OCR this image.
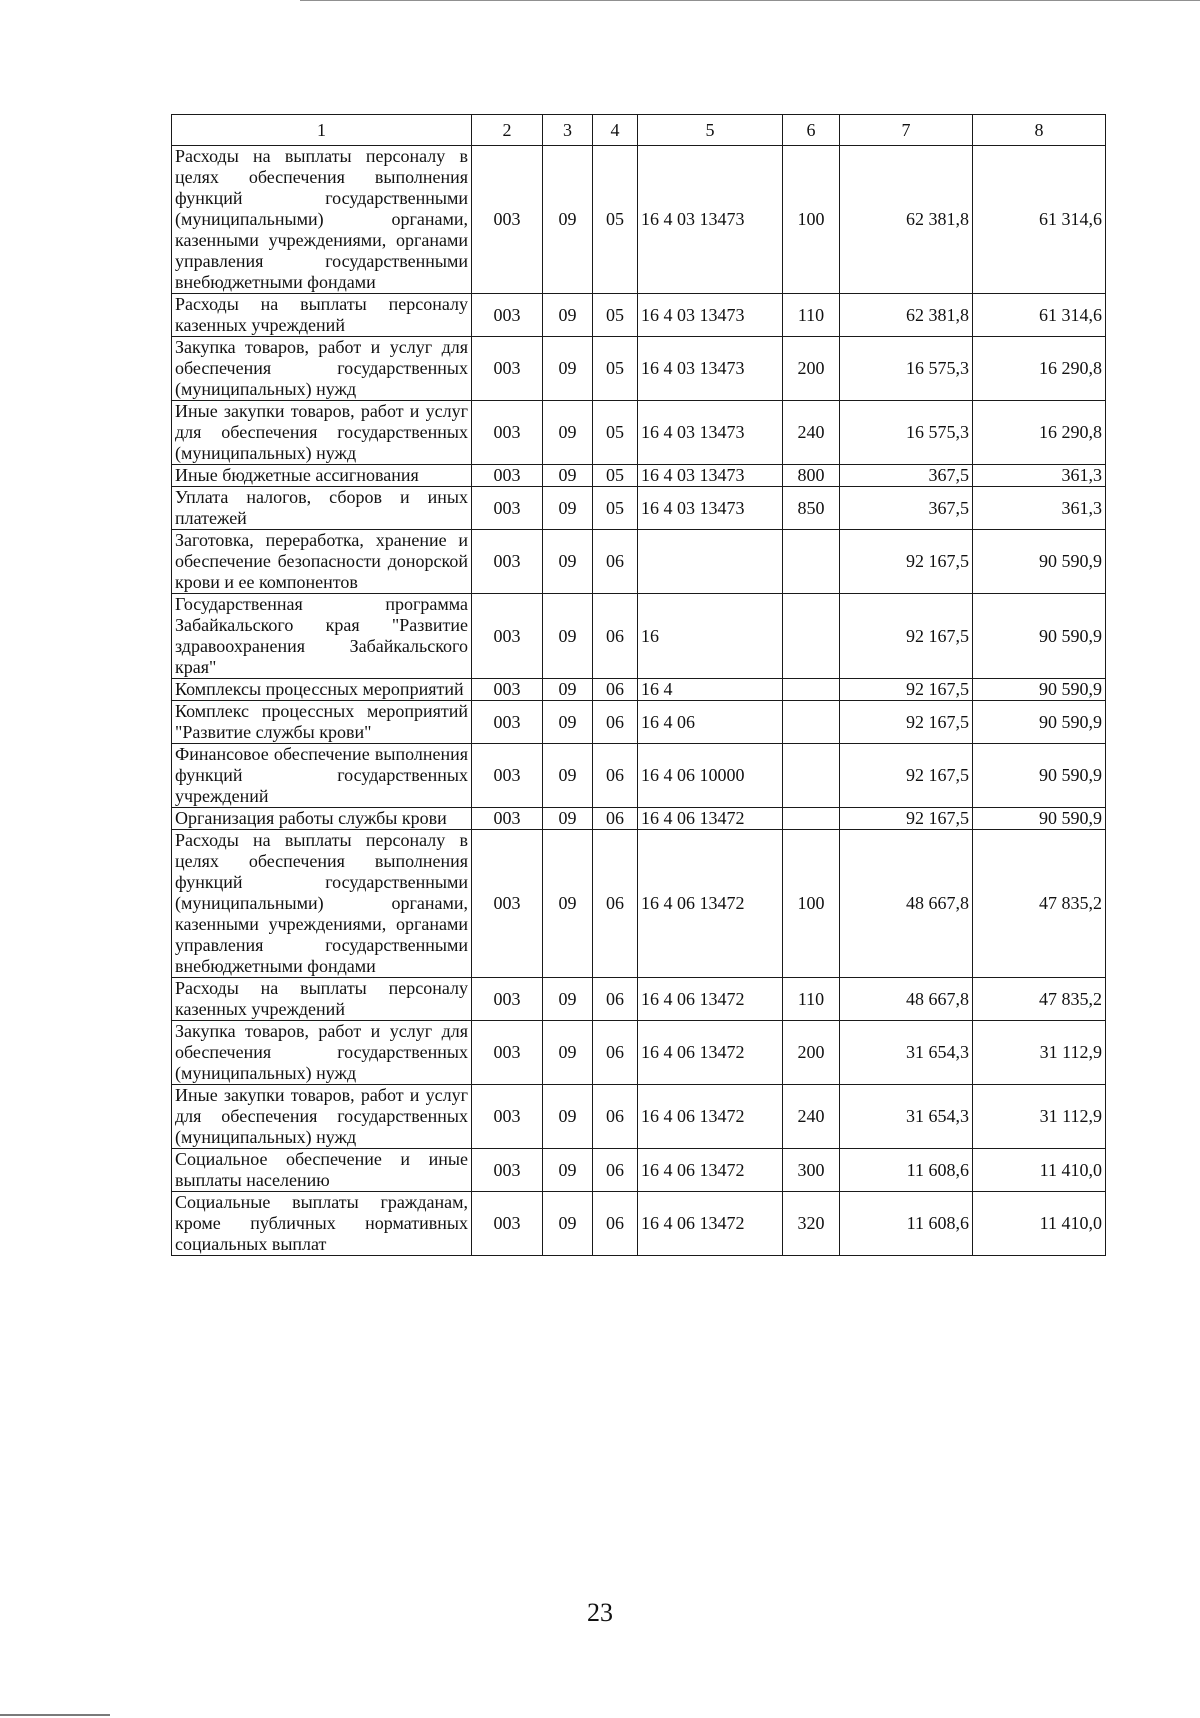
1	2	3	4	5	6	7	8
Расходы на выплаты персоналу в целях обеспечения выполнения функций государственными (муниципальными) органами, казенными учреждениями, органами управления государственными внебюджетными фондами	003	09	05	16 4 03 13473	100	62 381,8	61 314,6
Расходы на выплаты персоналу казенных учреждений	003	09	05	16 4 03 13473	110	62 381,8	61 314,6
Закупка товаров, работ и услуг для обеспечения государственных (муниципальных) нужд	003	09	05	16 4 03 13473	200	16 575,3	16 290,8
Иные закупки товаров, работ и услуг для обеспечения государственных (муниципальных) нужд	003	09	05	16 4 03 13473	240	16 575,3	16 290,8
Иные бюджетные ассигнования	003	09	05	16 4 03 13473	800	367,5	361,3
Уплата налогов, сборов и иных платежей	003	09	05	16 4 03 13473	850	367,5	361,3
Заготовка, переработка, хранение и обеспечение безопасности донорской крови и ее компонентов	003	09	06			92 167,5	90 590,9
Государственная программа Забайкальского края "Развитие здравоохранения Забайкальского края"	003	09	06	16		92 167,5	90 590,9
Комплексы процессных мероприятий	003	09	06	16 4		92 167,5	90 590,9
Комплекс процессных мероприятий "Развитие службы крови"	003	09	06	16 4 06		92 167,5	90 590,9
Финансовое обеспечение выполнения функций государственных учреждений	003	09	06	16 4 06 10000		92 167,5	90 590,9
Организация работы службы крови	003	09	06	16 4 06 13472		92 167,5	90 590,9
Расходы на выплаты персоналу в целях обеспечения выполнения функций государственными (муниципальными) органами, казенными учреждениями, органами управления государственными внебюджетными фондами	003	09	06	16 4 06 13472	100	48 667,8	47 835,2
Расходы на выплаты персоналу казенных учреждений	003	09	06	16 4 06 13472	110	48 667,8	47 835,2
Закупка товаров, работ и услуг для обеспечения государственных (муниципальных) нужд	003	09	06	16 4 06 13472	200	31 654,3	31 112,9
Иные закупки товаров, работ и услуг для обеспечения государственных (муниципальных) нужд	003	09	06	16 4 06 13472	240	31 654,3	31 112,9
Социальное обеспечение и иные выплаты населению	003	09	06	16 4 06 13472	300	11 608,6	11 410,0
Социальные выплаты гражданам, кроме публичных нормативных социальных выплат	003	09	06	16 4 06 13472	320	11 608,6	11 410,0
23
